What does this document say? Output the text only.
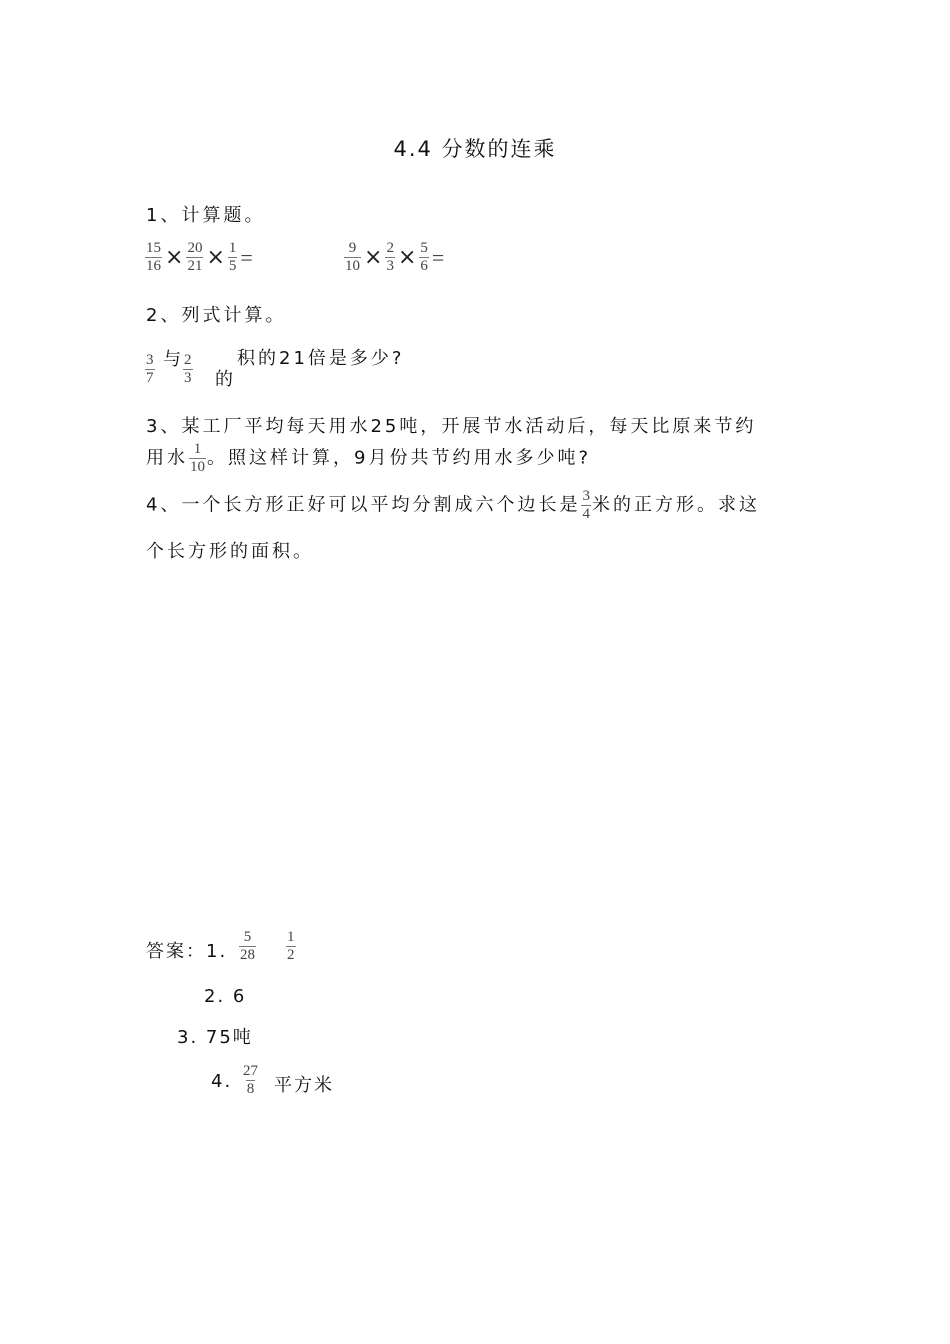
4.4 分数的连乘
1、计算题。
$\frac{15}{16} \times \frac{20}{21} \times \frac{1}{5}$ =	$\frac{9}{10} \times \frac{2}{3} \times \frac{5}{6}$ =
2、列式计算。
$\frac{3}{7}$ 与 $\frac{2}{3}$ 的
积的21倍是多少?
3、某工厂平均每天用水25吨，开展节水活动后，每天比原来节约
用水 $\frac{1}{10}$ 。照这样计算，9月份共节约用水多少吨?
4、一个长方形正好可以平均分割成六个边长是 $\frac{3}{4}$ 米的正方形。求这
个长方形的面积。
答案：1. $\frac{5}{28} \frac{1}{2}$
2. 6
3. 75吨
4. $\frac{27}{8}$ 平方米
